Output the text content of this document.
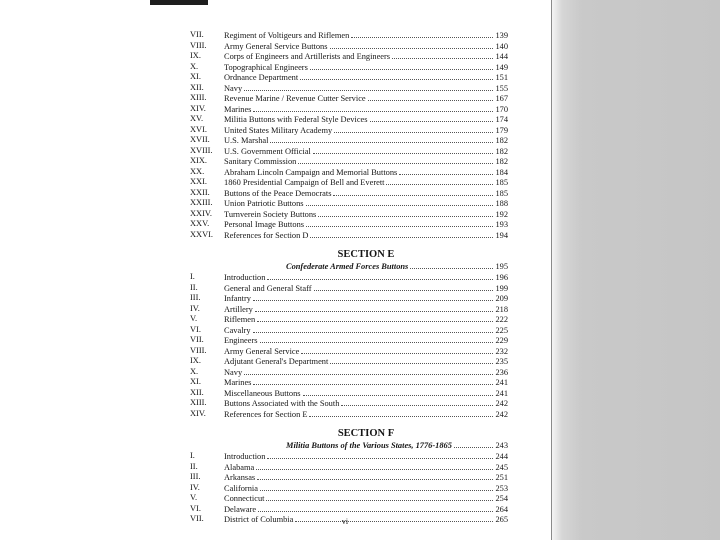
VII.	Regiment of Voltigeurs and Riflemen	139
VIII.	Army General Service Buttons	140
IX.	Corps of Engineers and Artillerists and Engineers	144
X.	Topographical Engineers	149
XI.	Ordnance Department	151
XII.	Navy	155
XIII.	Revenue Marine / Revenue Cutter Service	167
XIV.	Marines	170
XV.	Militia Buttons with Federal Style Devices	174
XVI.	United States Military Academy	179
XVII.	U.S. Marshal	182
XVIII.	U.S. Government Official	182
XIX.	Sanitary Commission	182
XX.	Abraham Lincoln Campaign and Memorial Buttons	184
XXI.	1860 Presidential Campaign of Bell and Everett	185
XXII.	Buttons of the Peace Democrats	185
XXIII.	Union Patriotic Buttons	188
XXIV.	Turnverein Society Buttons	192
XXV.	Personal Image Buttons	193
XXVI.	References for Section D	194
SECTION E
Confederate Armed Forces Buttons	195
I.	Introduction	196
II.	General and General Staff	199
III.	Infantry	209
IV.	Artillery	218
V.	Riflemen	222
VI.	Cavalry	225
VII.	Engineers	229
VIII.	Army General Service	232
IX.	Adjutant General's Department	235
X.	Navy	236
XI.	Marines	241
XII.	Miscellaneous Buttons	241
XIII.	Buttons Associated with the South	242
XIV.	References for Section E	242
SECTION F
Militia Buttons of the Various States, 1776-1865	243
I.	Introduction	244
II.	Alabama	245
III.	Arkansas	251
IV.	California	253
V.	Connecticut	254
VI.	Delaware	264
VII.	District of Columbia	265
vi
